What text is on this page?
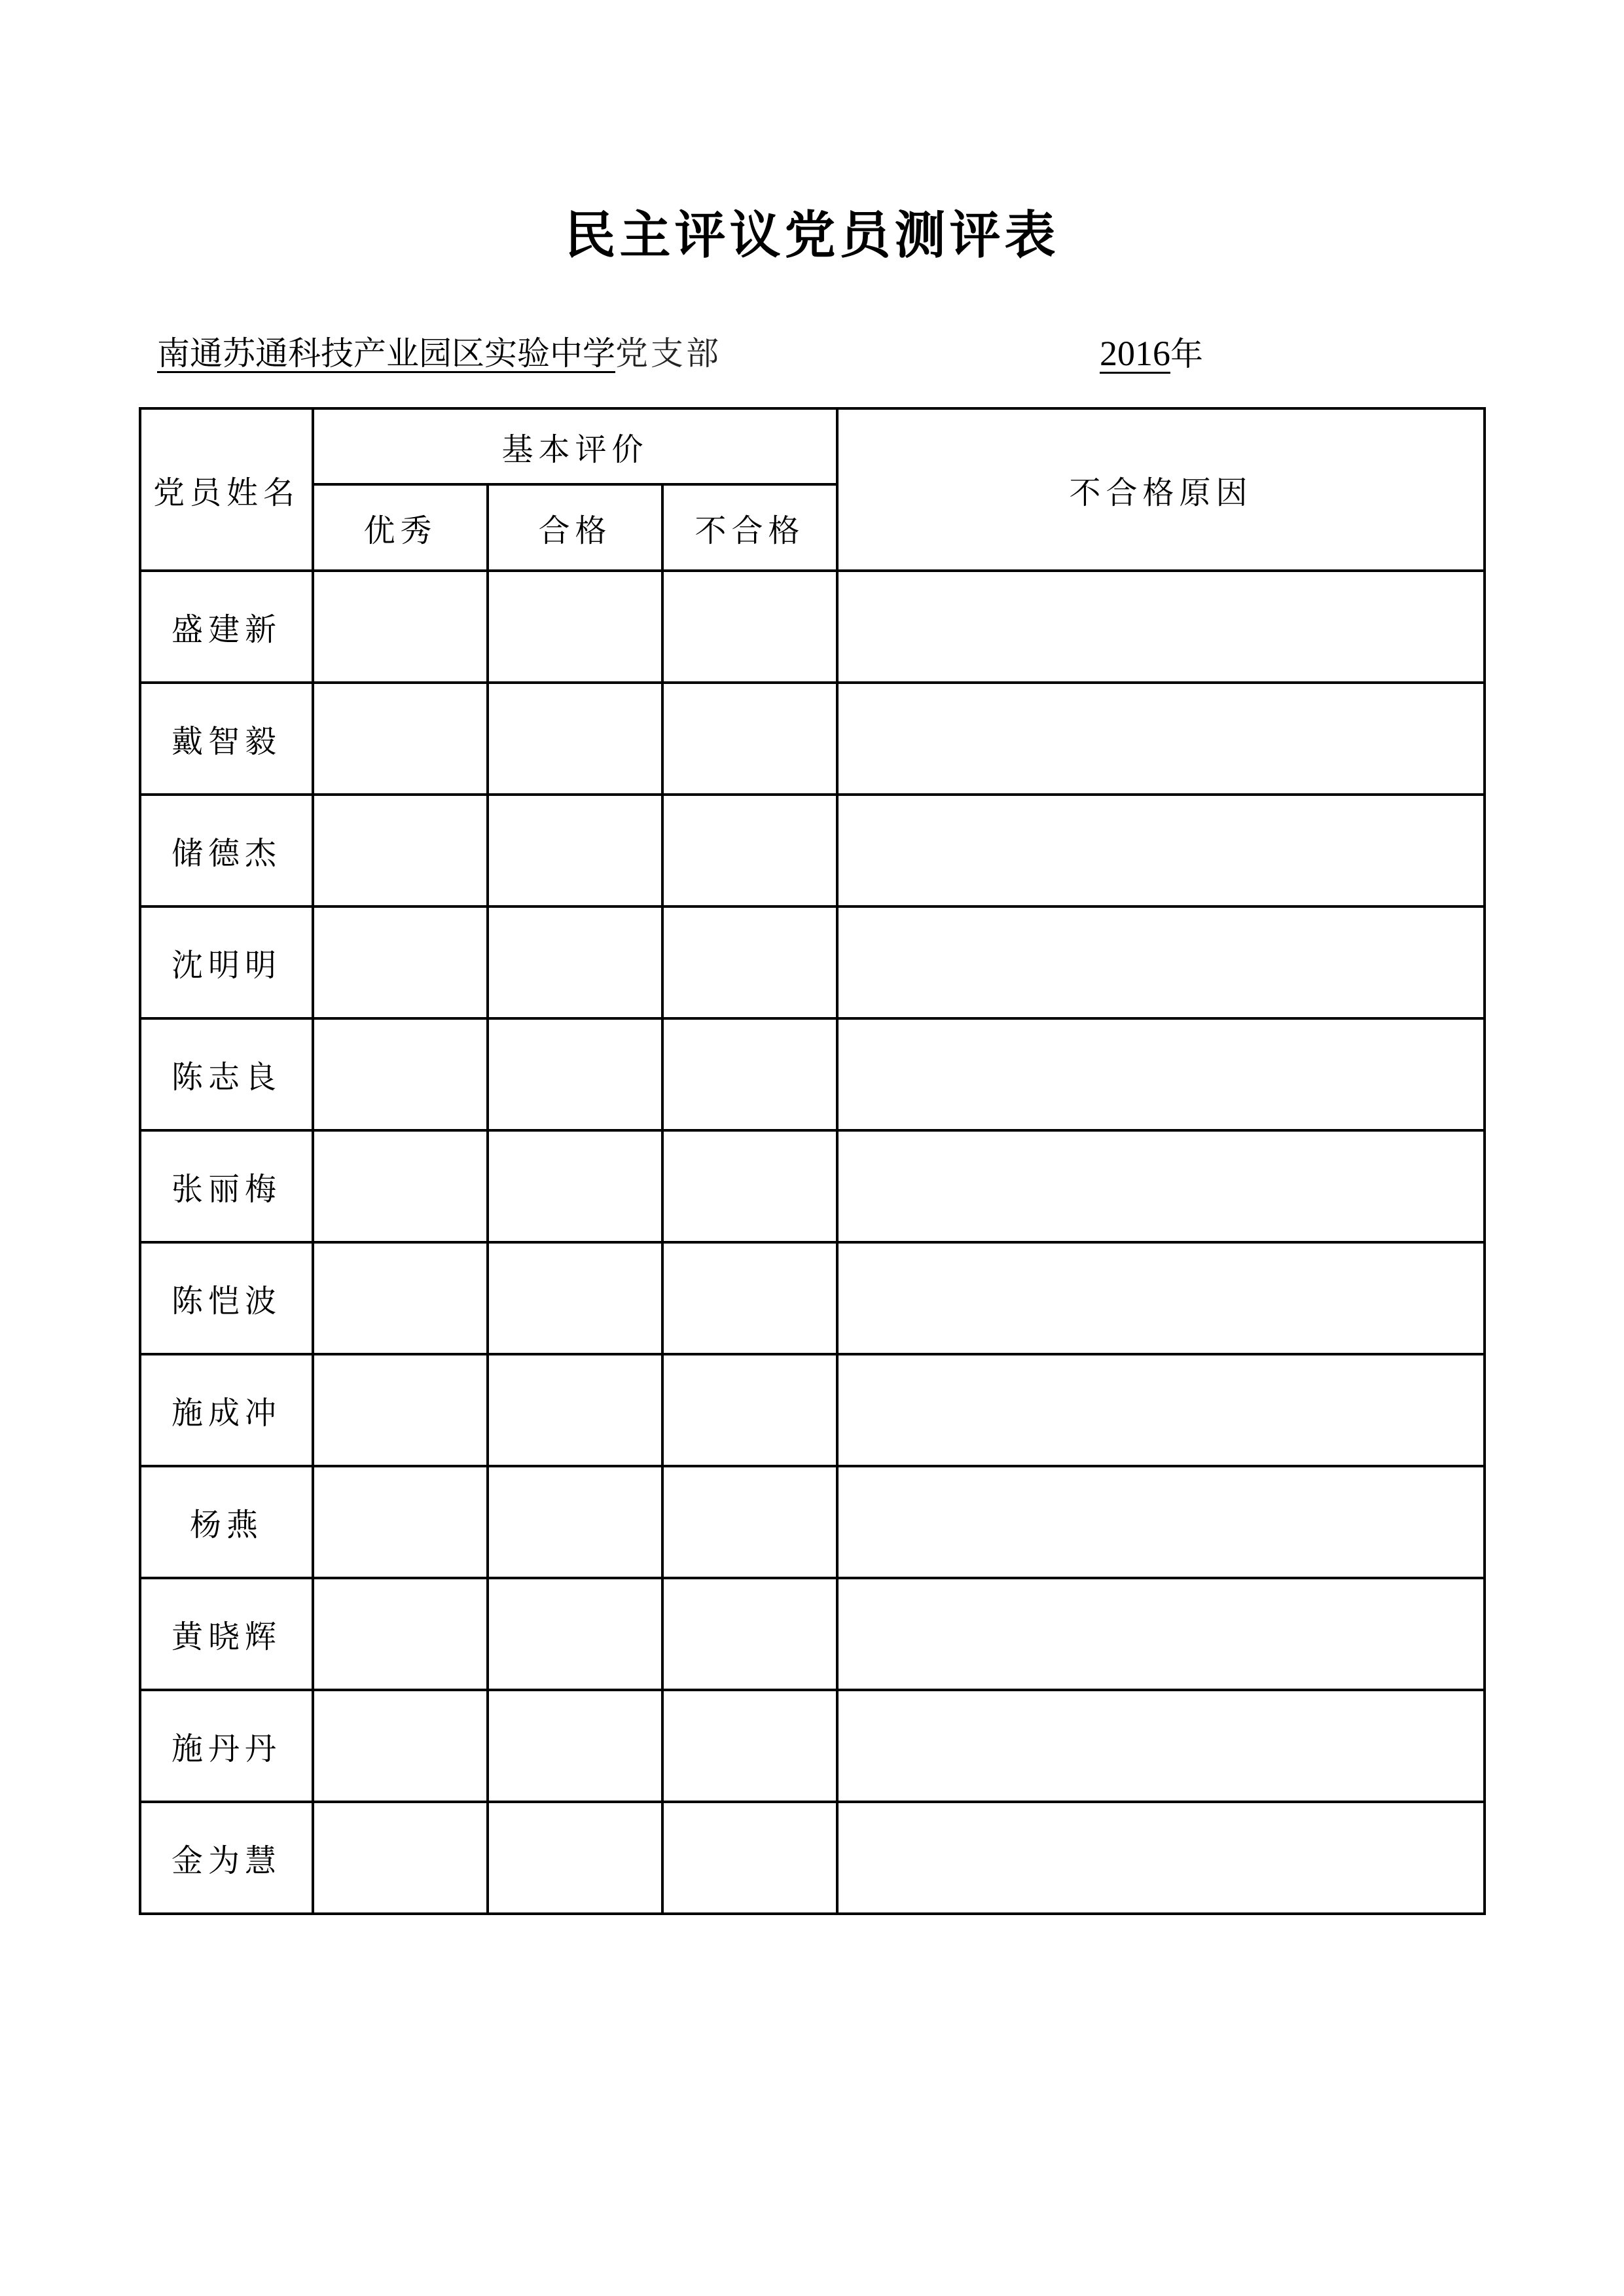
民主评议党员测评表
南通苏通科技产业园区实验中学党支部	2016年
党员姓名	基本评价			不合格原因
	优秀	合格	不合格	
盛建新				
戴智毅				
储德杰				
沈明明				
陈志良				
张丽梅				
陈恺波				
施成冲				
杨燕				
黄晓辉				
施丹丹				
金为慧				
